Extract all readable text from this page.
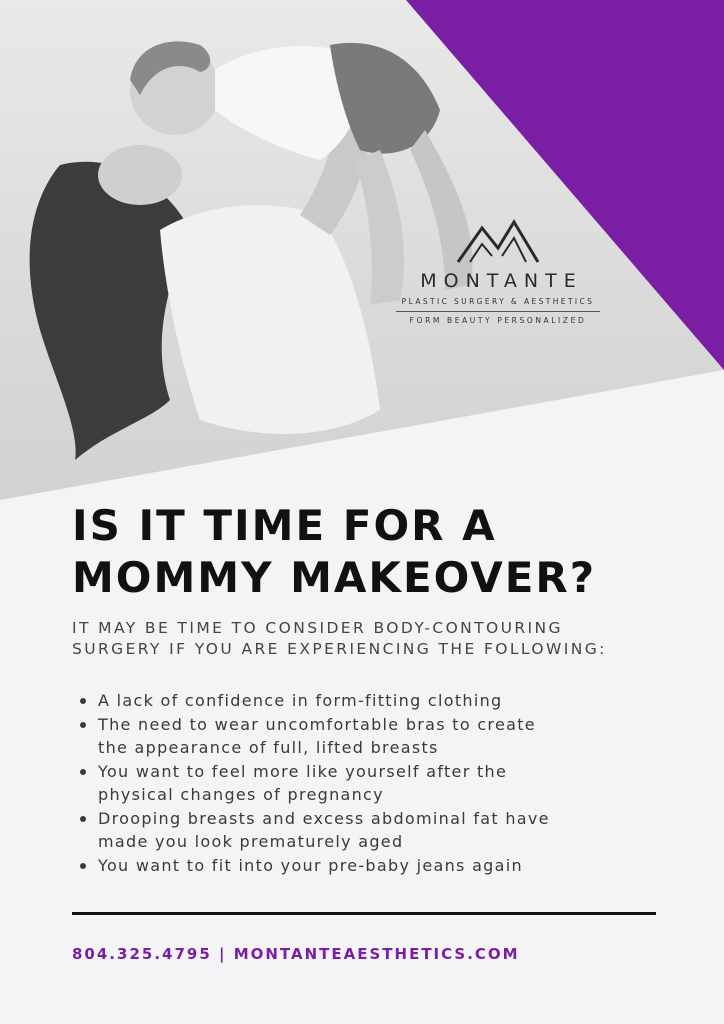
MONTANTE
PLASTIC SURGERY & AESTHETICS
FORM BEAUTY PERSONALIZED
IS IT TIME FOR A
MOMMY MAKEOVER?

IT MAY BE TIME TO CONSIDER BODY-CONTOURING
SURGERY IF YOU ARE EXPERIENCING THE FOLLOWING:

A lack of confidence in form-fitting clothing
The need to wear uncomfortable bras to create
the appearance of full, lifted breasts
You want to feel more like yourself after the
physical changes of pregnancy
Drooping breasts and excess abdominal fat have
made you look prematurely aged
You want to fit into your pre-baby jeans again
804.325.4795 | MONTANTEAESTHETICS.COM
